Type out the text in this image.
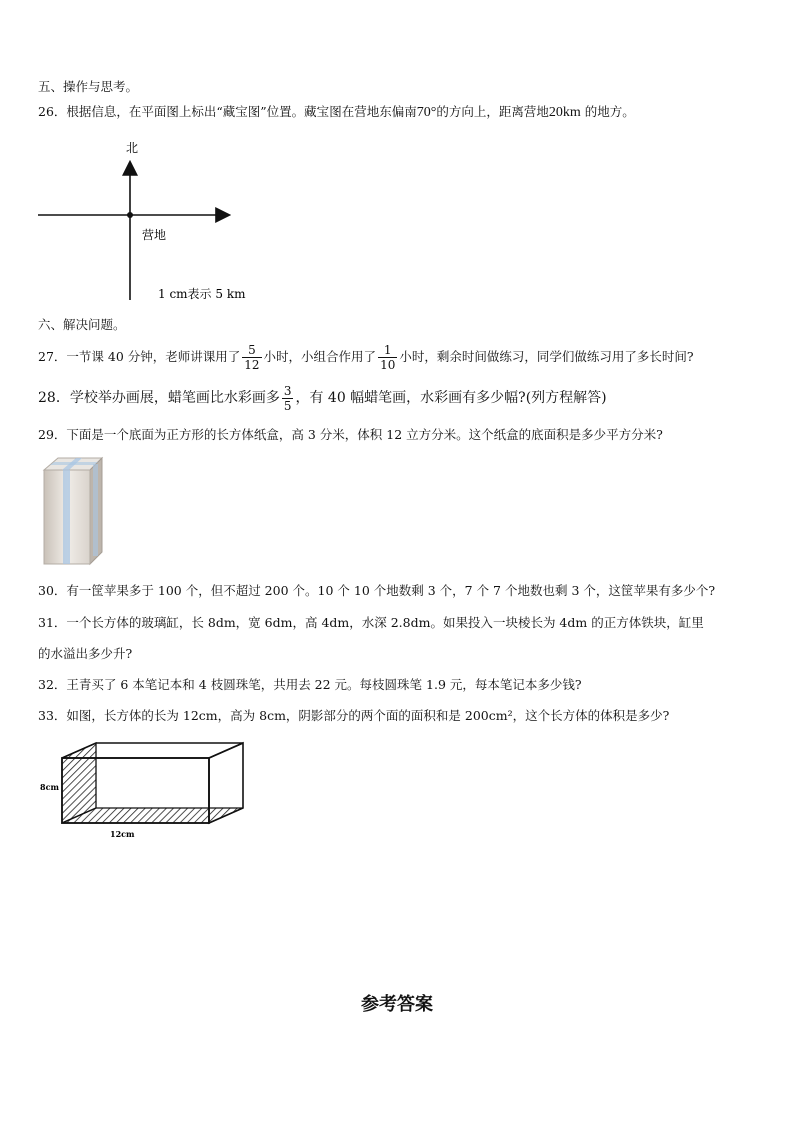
五、操作与思考。
26．根据信息，在平面图上标出“藏宝图”位置。藏宝图在营地东偏南70°的方向上，距离营地20km 的地方。
北
营地
1 cm表示 5 km
六、解决问题。
27．一节课 40 分钟，老师讲课用了 $\frac{5}{12}$ 小时，小组合作用了 $\frac{1}{10}$ 小时，剩余时间做练习，同学们做练习用了多长时间?
28．学校举办画展，蜡笔画比水彩画多 $\frac{3}{5}$ ，有 40 幅蜡笔画，水彩画有多少幅?(列方程解答)
29．下面是一个底面为正方形的长方体纸盒，高 3 分米，体积 12 立方分米。这个纸盒的底面积是多少平方分米?
30．有一筐苹果多于 100 个，但不超过 200 个。10 个 10 个地数剩 3 个，7 个 7 个地数也剩 3 个，这筐苹果有多少个?
31．一个长方体的玻璃缸，长 8dm，宽 6dm，高 4dm，水深 2.8dm。如果投入一块棱长为 4dm 的正方体铁块，缸里
的水溢出多少升?
32．王青买了 6 本笔记本和 4 枝圆珠笔，共用去 22 元。每枝圆珠笔 1.9 元，每本笔记本多少钱?
33．如图，长方体的长为 12cm，高为 8cm，阴影部分的两个面的面积和是 200cm²，这个长方体的体积是多少?
8cm
12cm
参考答案
